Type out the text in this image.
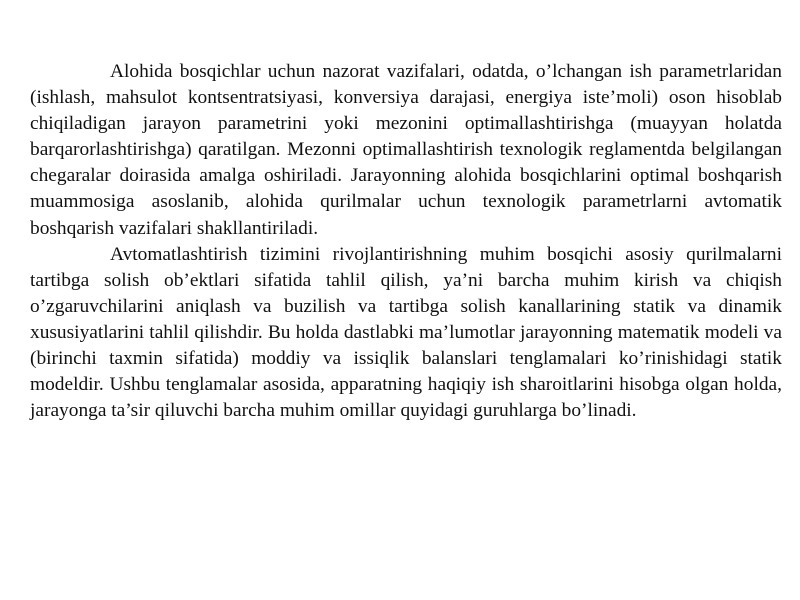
Alohida bosqichlar uchun nazorat vazifalari, odatda, o’lchangan ish parametrlaridan (ishlash, mahsulot kontsentratsiyasi, konversiya darajasi, energiya iste’moli) oson hisoblab chiqiladigan jarayon parametrini yoki mezonini optimallashtirishga (muayyan holatda barqarorlashtirishga) qaratilgan. Mezonni optimallashtirish texnologik reglamentda belgilangan chegaralar doirasida amalga oshiriladi. Jarayonning alohida bosqichlarini optimal boshqarish muammosiga asoslanib, alohida qurilmalar uchun texnologik parametrlarni avtomatik boshqarish vazifalari shakllantiriladi.

Avtomatlashtirish tizimini rivojlantirishning muhim bosqichi asosiy qurilmalarni tartibga solish ob’ektlari sifatida tahlil qilish, ya’ni barcha muhim kirish va chiqish o’zgaruvchilarini aniqlash va buzilish va tartibga solish kanallarining statik va dinamik xususiyatlarini tahlil qilishdir. Bu holda dastlabki ma’lumotlar jarayonning matematik modeli va (birinchi taxmin sifatida) moddiy va issiqlik balanslari tenglamalari ko’rinishidagi statik modeldir. Ushbu tenglamalar asosida, apparatning haqiqiy ish sharoitlarini hisobga olgan holda, jarayonga ta’sir qiluvchi barcha muhim omillar quyidagi guruhlarga bo’linadi.
